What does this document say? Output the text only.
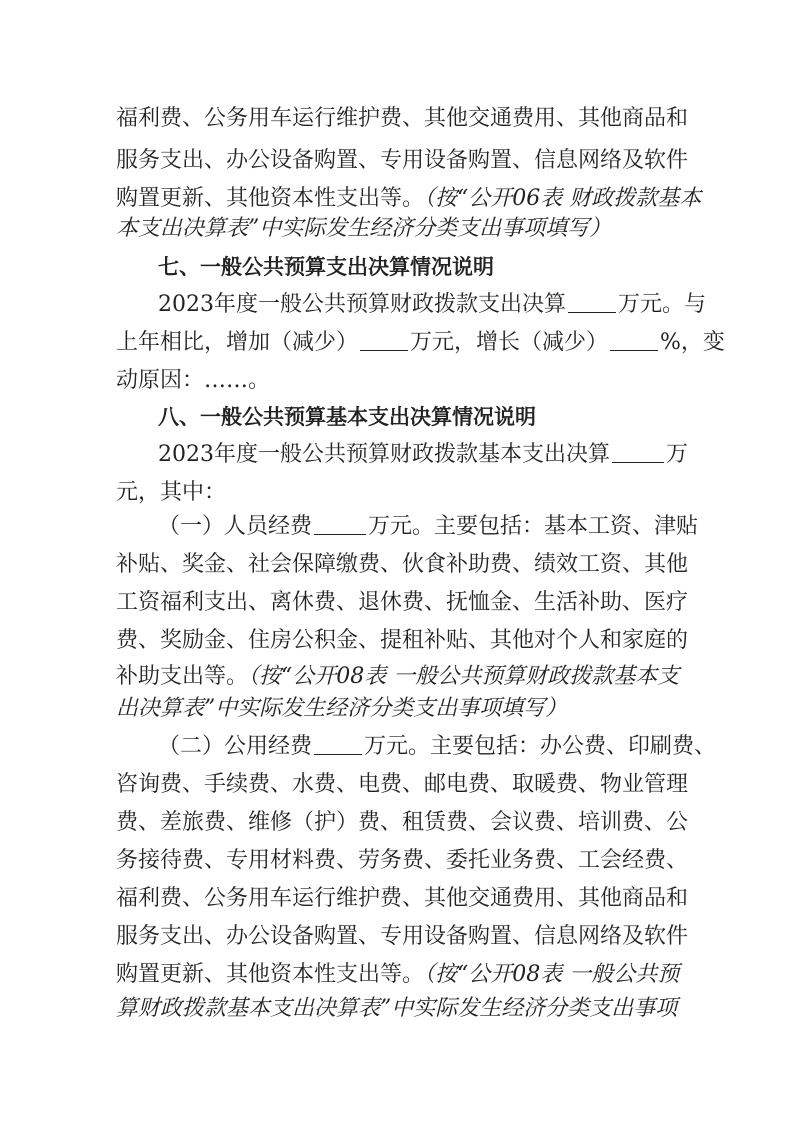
福利费、公务用车运行维护费、其他交通费用、其他商品和
服务支出、办公设备购置、专用设备购置、信息网络及软件
购置更新、其他资本性支出等。（按“公开06表 财政拨款基本
本支出决算表”中实际发生经济分类支出事项填写）
七、一般公共预算支出决算情况说明
2023年度一般公共预算财政拨款支出决算 万元。与
上年相比，增加（减少） 万元，增长（减少） %，变
动原因：……。
八、一般公共预算基本支出决算情况说明
2023年度一般公共预算财政拨款基本支出决算	万
元，其中：
（一）人员经费	万元。主要包括：基本工资、津贴
补贴、奖金、社会保障缴费、伙食补助费、绩效工资、其他
工资福利支出、离休费、退休费、抚恤金、生活补助、医疗
费、奖励金、住房公积金、提租补贴、其他对个人和家庭的
补助支出等。（按“公开08表 一般公共预算财政拨款基本支
出决算表”中实际发生经济分类支出事项填写）
（二）公用经费 万元。主要包括：办公费、印刷费、
咨询费、手续费、水费、电费、邮电费、取暖费、物业管理
费、差旅费、维修（护）费、租赁费、会议费、培训费、公
务接待费、专用材料费、劳务费、委托业务费、工会经费、
福利费、公务用车运行维护费、其他交通费用、其他商品和
服务支出、办公设备购置、专用设备购置、信息网络及软件
购置更新、其他资本性支出等。（按“公开08表 一般公共预
算财政拨款基本支出决算表”中实际发生经济分类支出事项
